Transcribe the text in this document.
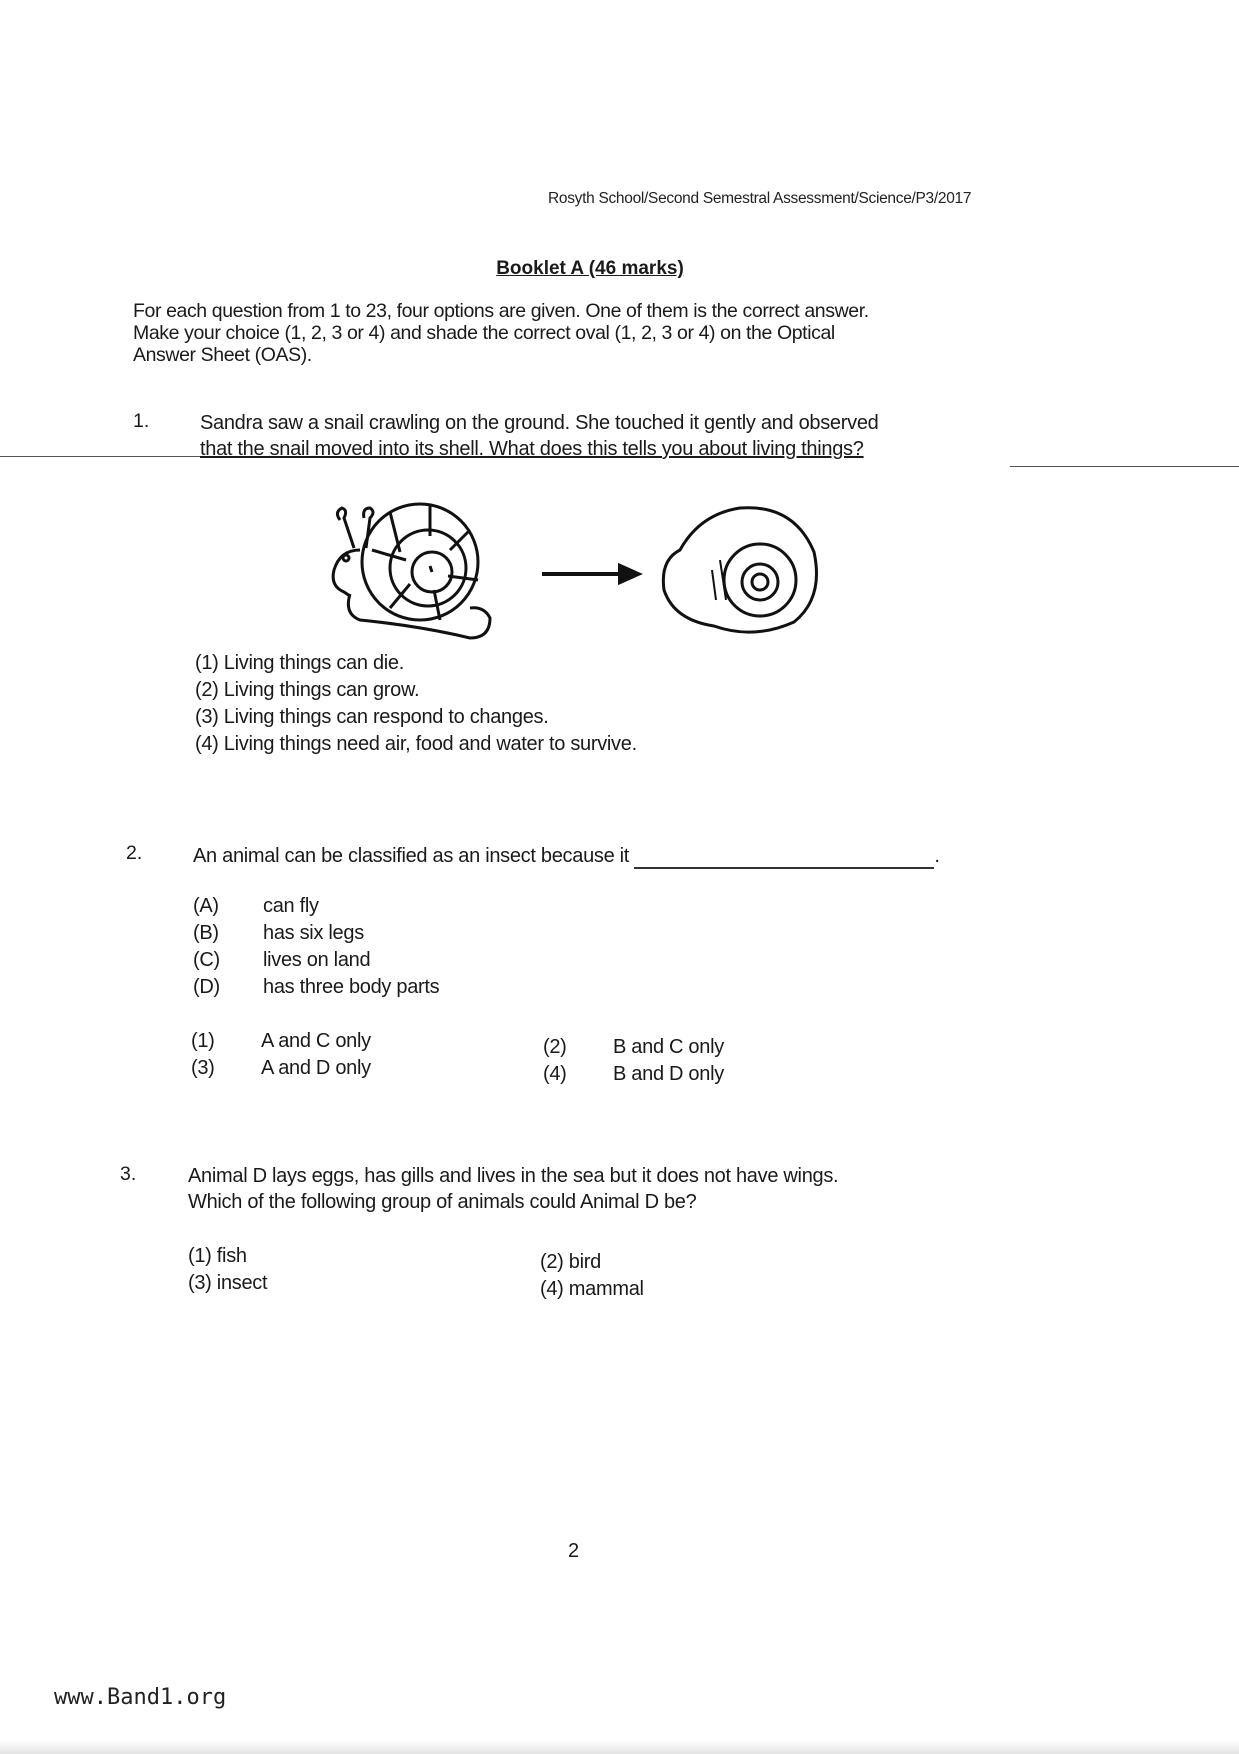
Rosyth School/Second Semestral Assessment/Science/P3/2017
Booklet A (46 marks)
For each question from 1 to 23, four options are given. One of them is the correct answer.
Make your choice (1, 2, 3 or 4) and shade the correct oval (1, 2, 3 or 4) on the Optical
Answer Sheet (OAS).
1.	Sandra saw a snail crawling on the ground. She touched it gently and observed
that the snail moved into its shell. What does this tells you about living things?
(1) Living things can die.
(2) Living things can grow.
(3) Living things can respond to changes.
(4) Living things need air, food and water to survive.
2.	An animal can be classified as an insect because it	.
(A) can fly
(B) has six legs
(C) lives on land
(D) has three body parts
(1) A and C only
(3) A and D only
(2) B and C only
(4) B and D only
3.	Animal D lays eggs, has gills and lives in the sea but it does not have wings.
Which of the following group of animals could Animal D be?
(1) fish
(3) insect
(2) bird
(4) mammal
2
www.Band1.org
